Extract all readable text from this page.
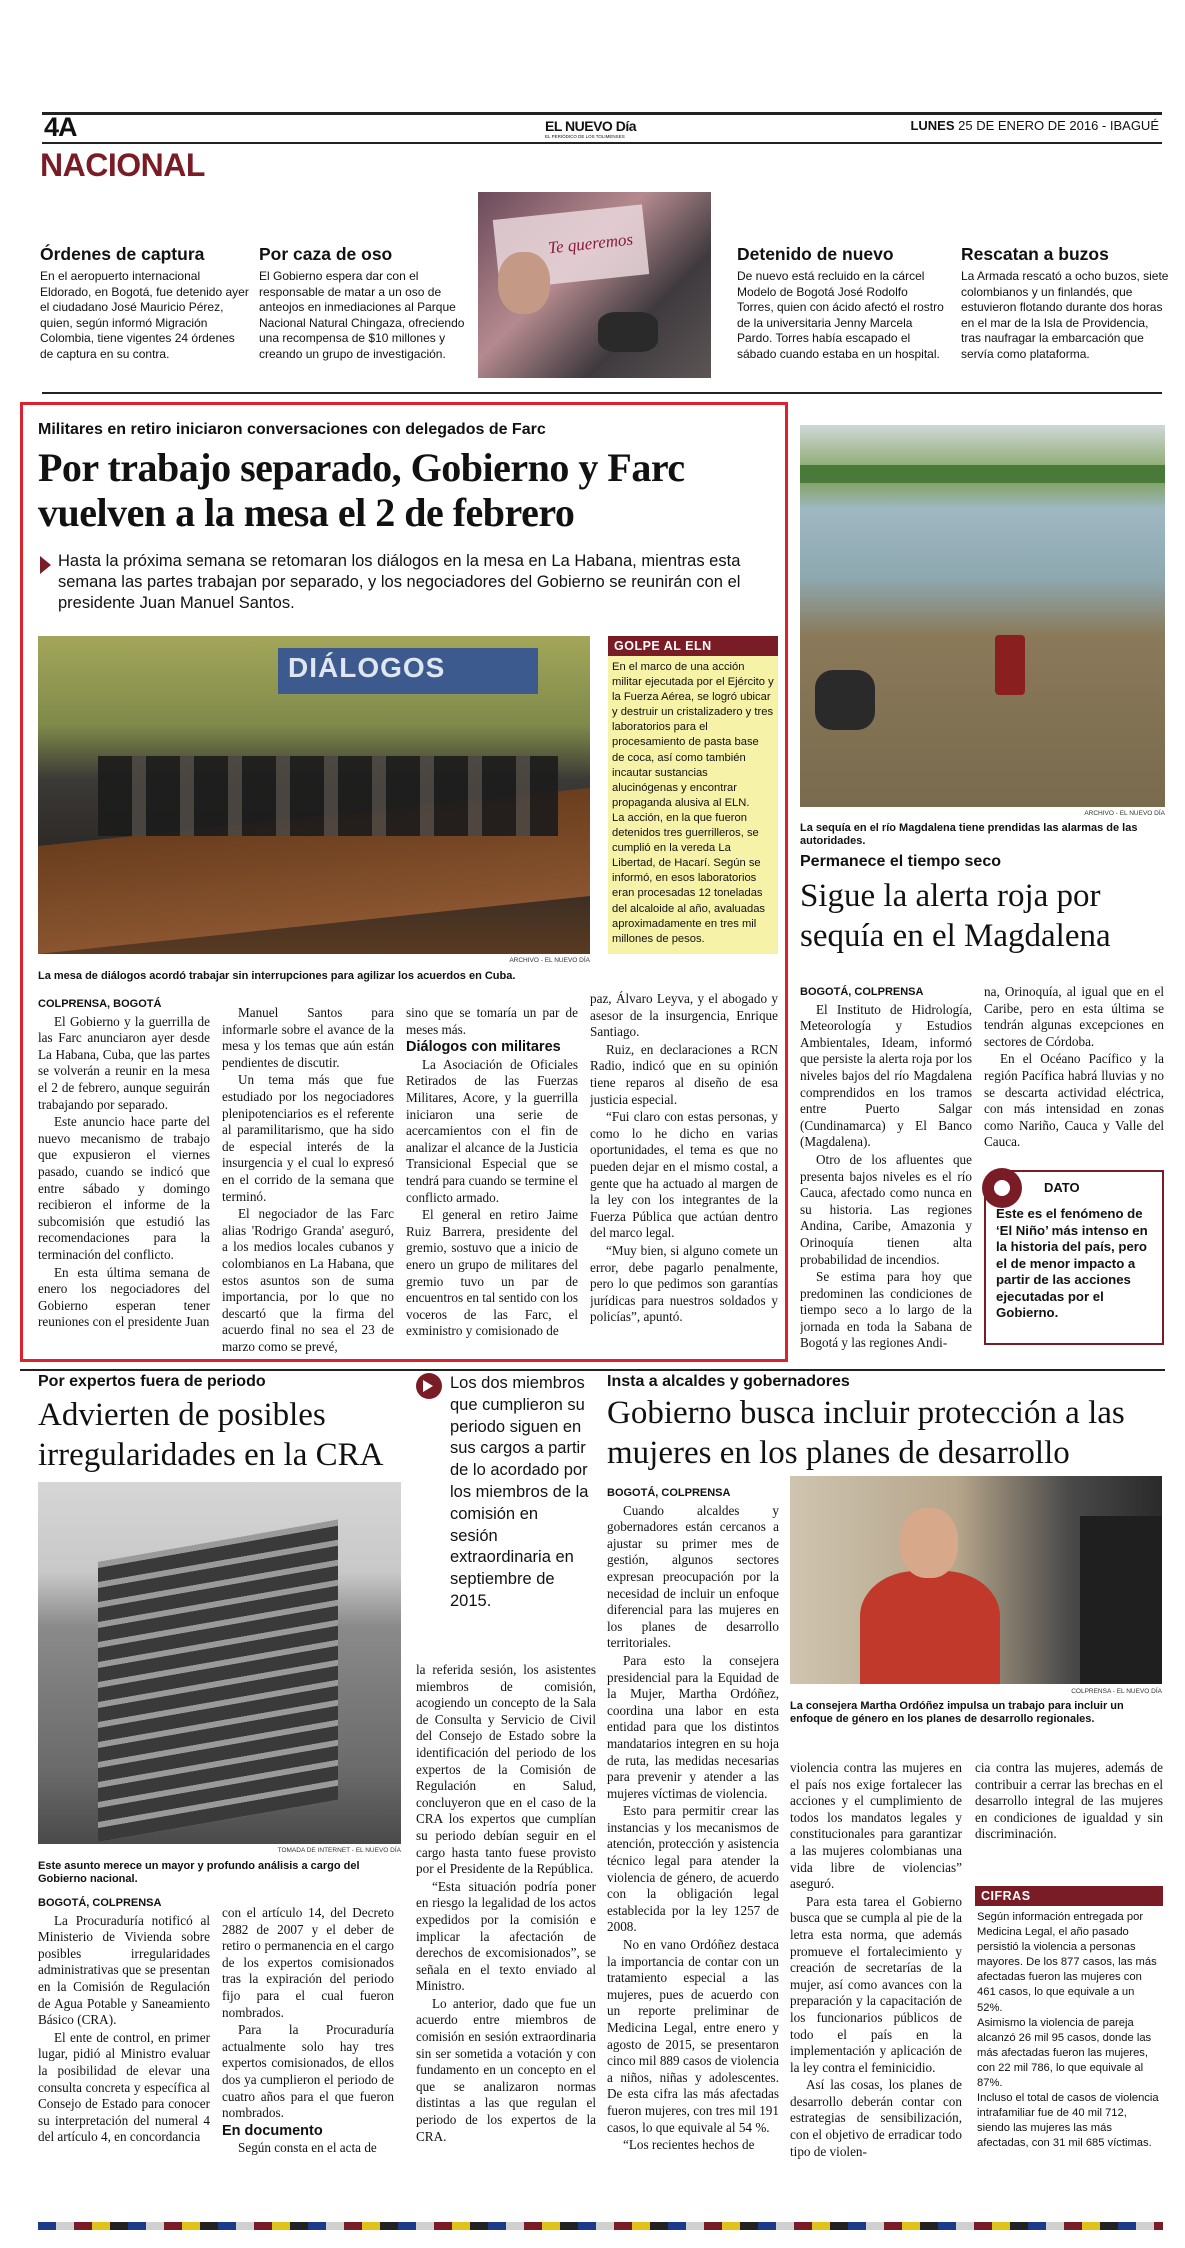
4A	EL NUEVO Día
EL PERIÓDICO DE LOS TOLIMENSES
LUNES 25 DE ENERO DE 2016 - IBAGUÉ
NACIONAL
Órdenes de captura

En el aeropuerto internacional Eldorado, en Bogotá, fue detenido ayer el ciudadano José Mauricio Pérez, quien, según informó Migración Colombia, tiene vigentes 24 órdenes de captura en su contra.

Por caza de oso

El Gobierno espera dar con el responsable de matar a un oso de anteojos en inmediaciones al Parque Nacional Natural Chingaza, ofreciendo una recompensa de $10 millones y creando un grupo de investigación.

Te queremos	Detenido de nuevo

De nuevo está recluido en la cárcel Modelo de Bogotá José Rodolfo Torres, quien con ácido afectó el rostro de la universitaria Jenny Marcela Pardo. Torres había escapado el sábado cuando estaba en un hospital.

Rescatan a buzos

La Armada rescató a ocho buzos, siete colombianos y un finlandés, que estuvieron flotando durante dos horas en el mar de la Isla de Providencia, tras naufragar la embarcación que servía como plataforma.

Militares en retiro iniciaron conversaciones con delegados de Farc
Por trabajo separado, Gobierno y Farc vuelven a la mesa el 2 de febrero
Hasta la próxima semana se retomaran los diálogos en la mesa en La Habana, mientras esta semana las partes trabajan por separado, y los negociadores del Gobierno se reunirán con el presidente Juan Manuel Santos.
DIÁLOGOS
ARCHIVO - EL NUEVO DÍA
La mesa de diálogos acordó trabajar sin interrupciones para agilizar los acuerdos en Cuba.
GOLPE AL ELN
En el marco de una acción militar ejecutada por el Ejército y la Fuerza Aérea, se logró ubicar y destruir un cristalizadero y tres laboratorios para el procesamiento de pasta base de coca, así como también incautar sustancias alucinógenas y encontrar propaganda alusiva al ELN.
La acción, en la que fueron detenidos tres guerrilleros, se cumplió en la vereda La Libertad, de Hacarí. Según se informó, en esos laboratorios eran procesadas 12 toneladas del alcaloide al año, avaluadas aproximadamente en tres mil millones de pesos.

COLPRENSA, BOGOTÁ

El Gobierno y la guerrilla de las Farc anunciaron ayer desde La Habana, Cuba, que las partes se volverán a reunir en la mesa el 2 de febrero, aunque seguirán trabajando por separado.

Este anuncio hace parte del nuevo mecanismo de trabajo que expusieron el viernes pasado, cuando se indicó que entre sábado y domingo recibieron el informe de la subcomisión que estudió las recomendaciones para la terminación del conflicto.

En esta última semana de enero los negociadores del Gobierno esperan tener reuniones con el presidente Juan

Manuel Santos para informarle sobre el avance de la mesa y los temas que aún están pendientes de discutir.

Un tema más que fue estudiado por los negociadores plenipotenciarios es el referente al paramilitarismo, que ha sido de especial interés de la insurgencia y el cual lo expresó en el corrido de la semana que terminó.

El negociador de las Farc alias 'Rodrigo Granda' aseguró, a los medios locales cubanos y colombianos en La Habana, que estos asuntos son de suma importancia, por lo que no descartó que la firma del acuerdo final no sea el 23 de marzo como se prevé,

sino que se tomaría un par de meses más.

Diálogos con militares

La Asociación de Oficiales Retirados de las Fuerzas Militares, Acore, y la guerrilla iniciaron una serie de acercamientos con el fin de analizar el alcance de la Justicia Transicional Especial que se tendrá para cuando se termine el conflicto armado.

El general en retiro Jaime Ruiz Barrera, presidente del gremio, sostuvo que a inicio de enero un grupo de militares del gremio tuvo un par de encuentros en tal sentido con los voceros de las Farc, el exministro y comisionado de

paz, Álvaro Leyva, y el abogado y asesor de la insurgencia, Enrique Santiago.

Ruiz, en declaraciones a RCN Radio, indicó que en su opinión tiene reparos al diseño de esa justicia especial.

“Fui claro con estas personas, y como lo he dicho en varias oportunidades, el tema es que no pueden dejar en el mismo costal, a gente que ha actuado al margen de la ley con los integrantes de la Fuerza Pública que actúan dentro del marco legal.

“Muy bien, si alguno comete un error, debe pagarlo penalmente, pero lo que pedimos son garantías jurídicas para nuestros soldados y policías”, apuntó.

ARCHIVO - EL NUEVO DÍA
La sequía en el río Magdalena tiene prendidas las alarmas de las autoridades.
Permanece el tiempo seco
Sigue la alerta roja por sequía en el Magdalena

BOGOTÁ, COLPRENSA

El Instituto de Hidrología, Meteorología y Estudios Ambientales, Ideam, informó que persiste la alerta roja por los niveles bajos del río Magdalena comprendidos en los tramos entre Puerto Salgar (Cundinamarca) y El Banco (Magdalena).

Otro de los afluentes que presenta bajos niveles es el río Cauca, afectado como nunca en su historia. Las regiones Andina, Caribe, Amazonia y Orinoquía tienen alta probabilidad de incendios.

Se estima para hoy que predominen las condiciones de tiempo seco a lo largo de la jornada en toda la Sabana de Bogotá y las regiones Andi-

na, Orinoquía, al igual que en el Caribe, pero en esta última se tendrán algunas excepciones en sectores de Córdoba.

En el Océano Pacífico y la región Pacífica habrá lluvias y no se descarta actividad eléctrica, con más intensidad en zonas como Nariño, Cauca y Valle del Cauca.

DATO
Este es el fenómeno de ‘El Niño’ más intenso en la historia del país, pero el de menor impacto a partir de las acciones ejecutadas por el Gobierno.
Por expertos fuera de periodo
Advierten de posibles irregularidades en la CRA
TOMADA DE INTERNET - EL NUEVO DÍA
Este asunto merece un mayor y profundo análisis a cargo del Gobierno nacional.
Los dos miembros que cumplieron su periodo siguen en sus cargos a partir de lo acordado por los miembros de la comisión en sesión extraordinaria en septiembre de 2015.

BOGOTÁ, COLPRENSA

La Procuraduría notificó al Ministerio de Vivienda sobre posibles irregularidades administrativas que se presentan en la Comisión de Regulación de Agua Potable y Saneamiento Básico (CRA).

El ente de control, en primer lugar, pidió al Ministro evaluar la posibilidad de elevar una consulta concreta y específica al Consejo de Estado para conocer su interpretación del numeral 4 del artículo 4, en concordancia

con el artículo 14, del Decreto 2882 de 2007 y el deber de retiro o permanencia en el cargo de los expertos comisionados tras la expiración del periodo fijo para el cual fueron nombrados.

Para la Procuraduría actualmente solo hay tres expertos comisionados, de ellos dos ya cumplieron el periodo de cuatro años para el que fueron nombrados.

En documento

Según consta en el acta de

la referida sesión, los asistentes miembros de comisión, acogiendo un concepto de la Sala de Consulta y Servicio de Civil del Consejo de Estado sobre la identificación del periodo de los expertos de la Comisión de Regulación en Salud, concluyeron que en el caso de la CRA los expertos que cumplían su periodo debían seguir en el cargo hasta tanto fuese provisto por el Presidente de la República.

“Esta situación podría poner en riesgo la legalidad de los actos expedidos por la comisión e implicar la afectación de derechos de excomisionados”, se señala en el texto enviado al Ministro.

Lo anterior, dado que fue un acuerdo entre miembros de comisión en sesión extraordinaria sin ser sometida a votación y con fundamento en un concepto en el que se analizaron normas distintas a las que regulan el periodo de los expertos de la CRA.

Insta a alcaldes y gobernadores
Gobierno busca incluir protección a las mujeres en los planes de desarrollo

BOGOTÁ, COLPRENSA

Cuando alcaldes y gobernadores están cercanos a ajustar su primer mes de gestión, algunos sectores expresan preocupación por la necesidad de incluir un enfoque diferencial para las mujeres en los planes de desarrollo territoriales.

Para esto la consejera presidencial para la Equidad de la Mujer, Martha Ordóñez, coordina una labor en esta entidad para que los distintos mandatarios integren en su hoja de ruta, las medidas necesarias para prevenir y atender a las mujeres víctimas de violencia.

Esto para permitir crear las instancias y los mecanismos de atención, protección y asistencia técnico legal para atender la violencia de género, de acuerdo con la obligación legal establecida por la ley 1257 de 2008.

No en vano Ordóñez destaca la importancia de contar con un tratamiento especial a las mujeres, pues de acuerdo con un reporte preliminar de Medicina Legal, entre enero y agosto de 2015, se presentaron cinco mil 889 casos de violencia a niños, niñas y adolescentes. De esta cifra las más afectadas fueron mujeres, con tres mil 191 casos, lo que equivale al 54 %.

“Los recientes hechos de

COLPRENSA - EL NUEVO DÍA
La consejera Martha Ordóñez impulsa un trabajo para incluir un enfoque de género en los planes de desarrollo regionales.

violencia contra las mujeres en el país nos exige fortalecer las acciones y el cumplimiento de todos los mandatos legales y constitucionales para garantizar a las mujeres colombianas una vida libre de violencias” aseguró.

Para esta tarea el Gobierno busca que se cumpla al pie de la letra esta norma, que además promueve el fortalecimiento y creación de secretarías de la mujer, así como avances con la preparación y la capacitación de los funcionarios públicos de todo el país en la implementación y aplicación de la ley contra el feminicidio.

Así las cosas, los planes de desarrollo deberán contar con estrategias de sensibilización, con el objetivo de erradicar todo tipo de violen-

cia contra las mujeres, además de contribuir a cerrar las brechas en el desarrollo integral de las mujeres en condiciones de igualdad y sin discriminación.

CIFRAS
Según información entregada por Medicina Legal, el año pasado persistió la violencia a personas mayores. De los 877 casos, las más afectadas fueron las mujeres con 461 casos, lo que equivale a un 52%.
Asimismo la violencia de pareja alcanzó 26 mil 95 casos, donde las más afectadas fueron las mujeres, con 22 mil 786, lo que equivale al 87%.
Incluso el total de casos de violencia intrafamiliar fue de 40 mil 712, siendo las mujeres las más afectadas, con 31 mil 685 víctimas.
